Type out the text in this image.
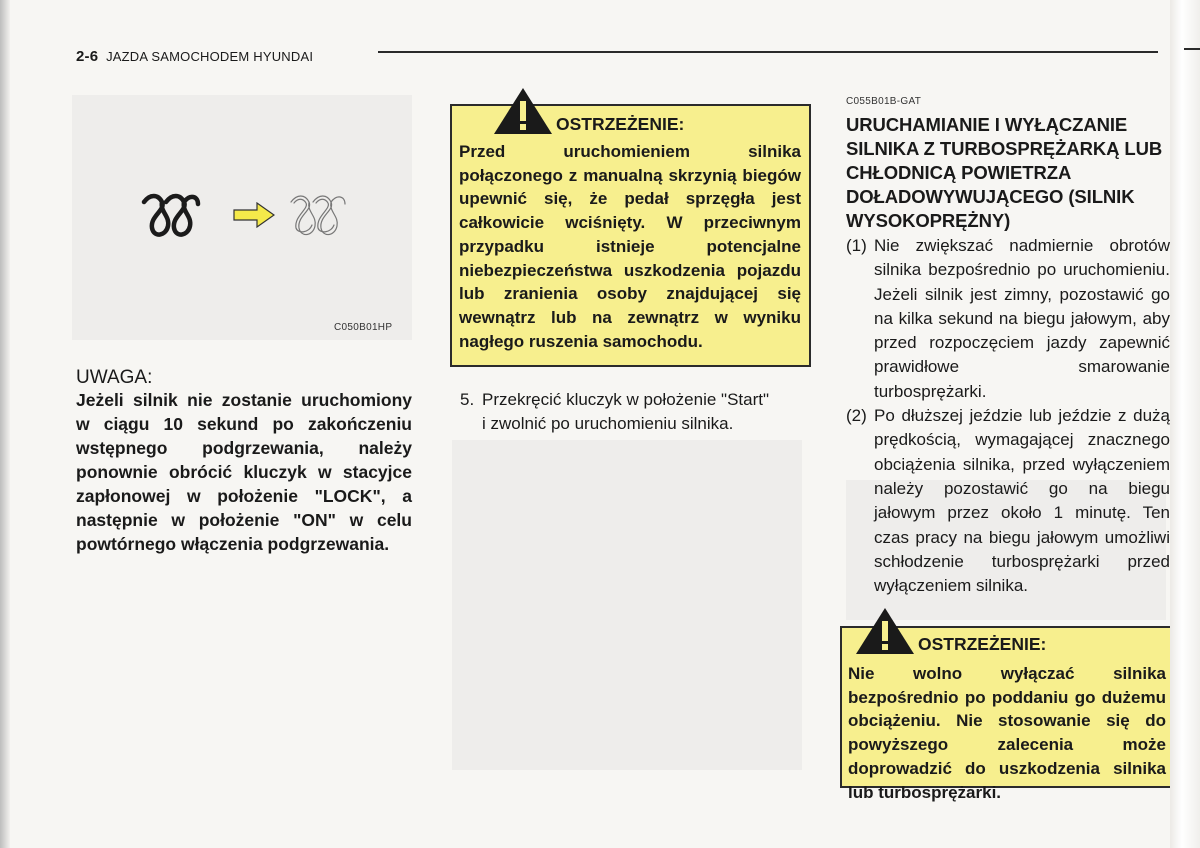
2-6 JAZDA SAMOCHODEM HYUNDAI
C050B01HP
UWAGA:
Jeżeli silnik nie zostanie uruchomiony w ciągu 10 sekund po zakończeniu wstępnego podgrzewania, należy ponownie obrócić kluczyk w stacyjce zapłonowej w położenie "LOCK", a następnie w położenie "ON" w celu powtórnego włączenia podgrzewania.
OSTRZEŻENIE:
Przed uruchomieniem silnika połączonego z manualną skrzynią biegów upewnić się, że pedał sprzęgła jest całkowicie wciśnięty. W przeciwnym przypadku istnieje potencjalne niebezpieczeństwa uszkodzenia pojazdu lub zranienia osoby znajdującej się wewnątrz lub na zewnątrz w wyniku nagłego ruszenia samochodu.
5. Przekręcić kluczyk w położenie "Start"
i zwolnić po uruchomieniu silnika.
C055B01B-GAT
URUCHAMIANIE I WYŁĄCZANIE SILNIKA Z TURBOSPRĘŻARKĄ LUB CHŁODNICĄ POWIETRZA DOŁADOWYWUJĄCEGO (SILNIK WYSOKOPRĘŻNY)
(1) Nie zwiększać nadmiernie obrotów silnika bezpośrednio po uruchomieniu. Jeżeli silnik jest zimny, pozostawić go na kilka sekund na biegu jałowym, aby przed rozpoczęciem jazdy zapewnić prawidłowe smarowanie turbosprężarki.
(2) Po dłuższej jeździe lub jeździe z dużą prędkością, wymagającej znacznego obciążenia silnika, przed wyłączeniem należy pozostawić go na biegu jałowym przez około 1 minutę. Ten czas pracy na biegu jałowym umożliwi schłodzenie turbosprężarki przed wyłączeniem silnika.
OSTRZEŻENIE:
Nie wolno wyłączać silnika bezpośrednio po poddaniu go dużemu obciążeniu. Nie stosowanie się do powyższego zalecenia może doprowadzić do uszkodzenia silnika lub turbosprężarki.
